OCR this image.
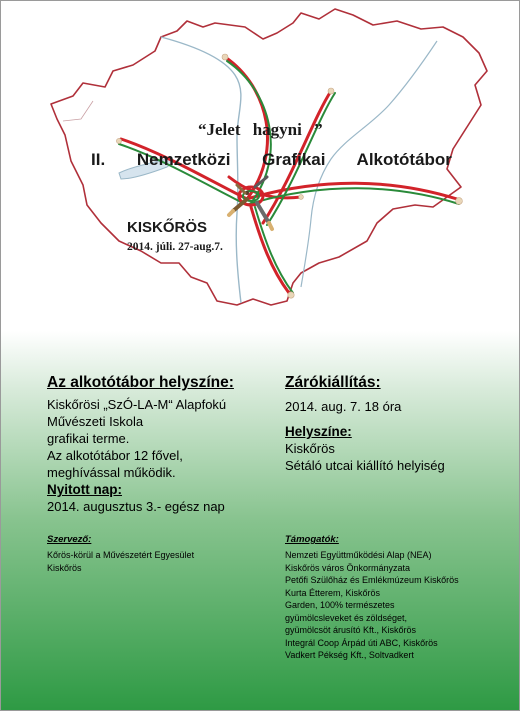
“Jelet hagyni ”
II. Nemzetközi Grafikai Alkotótábor
KISKŐRÖS
2014. júli. 27-aug.7.
Az alkotótábor helyszíne:
Kiskőrösi „SzÓ-LA-M“ Alapfokú
Művészeti Iskola
grafikai terme.
Az alkotótábor 12 fővel,
meghívással működik.
Nyitott nap:
2014. augusztus 3.- egész nap
Zárókiállítás:
2014. aug. 7. 18 óra
Helyszíne:
Kiskőrös
Sétáló utcai kiállító helyiség
Szervező:
Kőrös-körül a Művészetért Egyesület
Kiskőrös
Támogatók:
Nemzeti Együttműködési Alap (NEA)
Kiskőrös város Önkormányzata
Petőfi Szülőház és Emlékmúzeum Kiskőrös
Kurta Étterem, Kiskőrös
Garden, 100% természetes
gyümölcsleveket és zöldséget,
gyümölcsöt árusító Kft., Kiskőrös
Integrál Coop Árpád úti ABC, Kiskőrös
Vadkert Pékség Kft., Soltvadkert
